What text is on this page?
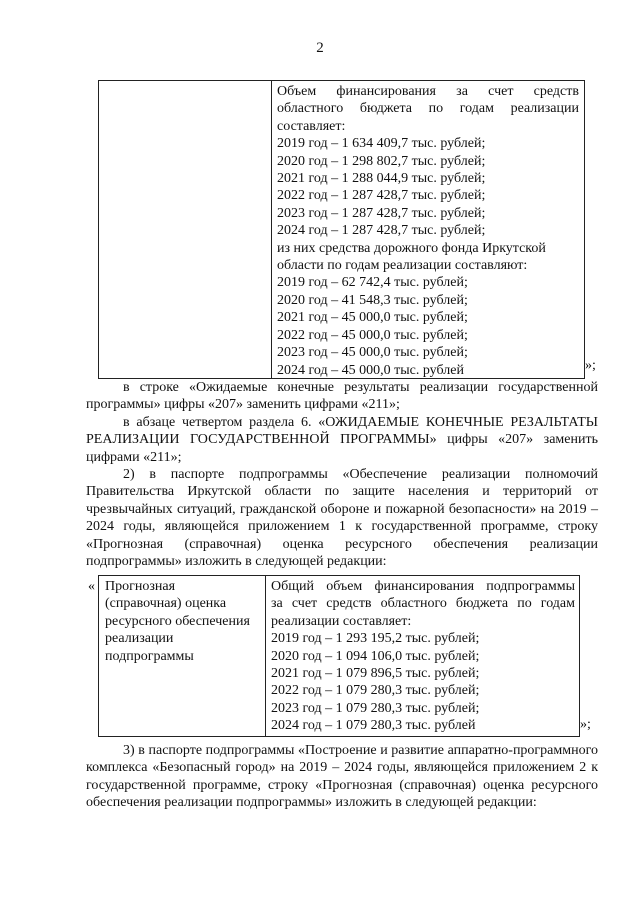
2
Объем финансирования за счет средств
областного бюджета по годам реализации
составляет:
2019 год – 1 634 409,7 тыс. рублей;
2020 год – 1 298 802,7 тыс. рублей;
2021 год – 1 288 044,9 тыс. рублей;
2022 год – 1 287 428,7 тыс. рублей;
2023 год – 1 287 428,7 тыс. рублей;
2024 год – 1 287 428,7 тыс. рублей;
из них средства дорожного фонда Иркутской
области по годам реализации составляют:
2019 год – 62 742,4 тыс. рублей;
2020 год – 41 548,3 тыс. рублей;
2021 год – 45 000,0 тыс. рублей;
2022 год – 45 000,0 тыс. рублей;
2023 год – 45 000,0 тыс. рублей;
2024 год – 45 000,0 тыс. рублей	»;

в строке «Ожидаемые конечные результаты реализации государственной программы» цифры «207» заменить цифрами «211»;

в абзаце четвертом раздела 6. «ОЖИДАЕМЫЕ КОНЕЧНЫЕ РЕЗАЛЬТАТЫ РЕАЛИЗАЦИИ ГОСУДАРСТВЕННОЙ ПРОГРАММЫ» цифры «207» заменить цифрами «211»;

2) в паспорте подпрограммы «Обеспечение реализации полномочий Правительства Иркутской области по защите населения и территорий от чрезвычайных ситуаций, гражданской обороне и пожарной безопасности» на 2019 – 2024 годы, являющейся приложением 1 к государственной программе, строку «Прогнозная (справочная) оценка ресурсного обеспечения реализации подпрограммы» изложить в следующей редакции:

« Прогнозная
(справочная) оценка
ресурсного обеспечения
реализации
подпрограммы
Общий объем финансирования подпрограммы
за счет средств областного бюджета по годам
реализации составляет:
2019 год – 1 293 195,2 тыс. рублей;
2020 год – 1 094 106,0 тыс. рублей;
2021 год – 1 079 896,5 тыс. рублей;
2022 год – 1 079 280,3 тыс. рублей;
2023 год – 1 079 280,3 тыс. рублей;
2024 год – 1 079 280,3 тыс. рублей	»;

3) в паспорте подпрограммы «Построение и развитие аппаратно-программного комплекса «Безопасный город» на 2019 – 2024 годы, являющейся приложением 2 к государственной программе, строку «Прогнозная (справочная) оценка ресурсного обеспечения реализации подпрограммы» изложить в следующей редакции:
